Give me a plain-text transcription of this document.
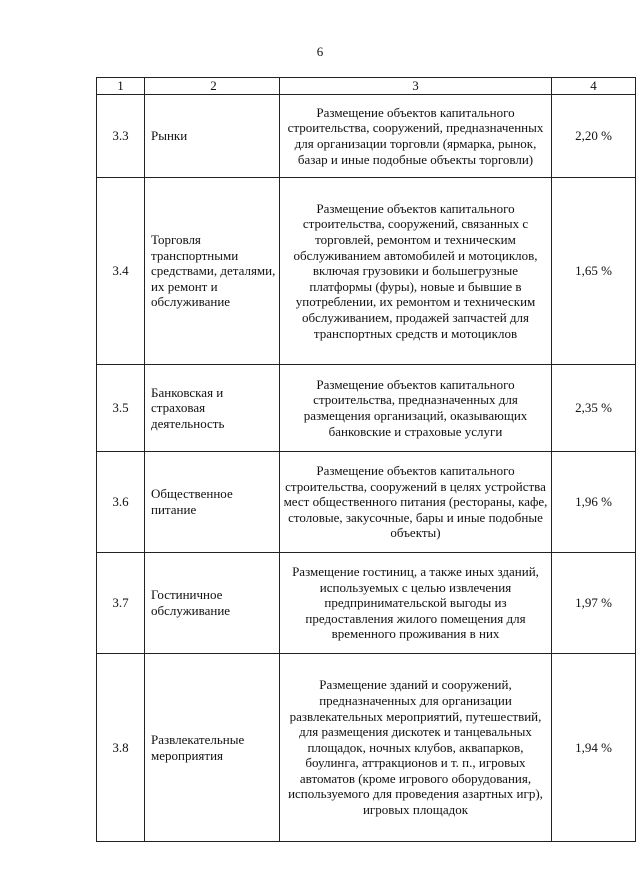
6
1	2	3	4
3.3	Рынки	Размещение объектов капитального строительства, сооружений, предназначенных для организации торговли (ярмарка, рынок, базар и иные подобные объекты торговли)	2,20 %
3.4	Торговля транспортными средствами, деталями, их ремонт и обслуживание	Размещение объектов капитального строительства, сооружений, связанных с торговлей, ремонтом и техническим обслуживанием автомобилей и мотоциклов, включая грузовики и большегрузные платформы (фуры), новые и бывшие в употреблении, их ремонтом и техническим обслуживанием, продажей запчастей для транспортных средств и мотоциклов	1,65 %
3.5	Банковская и страховая деятельность	Размещение объектов капитального строительства, предназначенных для размещения организаций, оказывающих банковские и страховые услуги	2,35 %
3.6	Общественное питание	Размещение объектов капитального строительства, сооружений в целях устройства мест общественного питания (рестораны, кафе, столовые, закусочные, бары и иные подобные объекты)	1,96 %
3.7	Гостиничное обслуживание	Размещение гостиниц, а также иных зданий, используемых с целью извлечения предпринимательской выгоды из предоставления жилого помещения для временного проживания в них	1,97 %
3.8	Развлекательные мероприятия	Размещение зданий и сооружений, предназначенных для организации развлекательных мероприятий, путешествий, для размещения дискотек и танцевальных площадок, ночных клубов, аквапарков, боулинга, аттракционов и т. п., игровых автоматов (кроме игрового оборудования, используемого для проведения азартных игр), игровых площадок	1,94 %
